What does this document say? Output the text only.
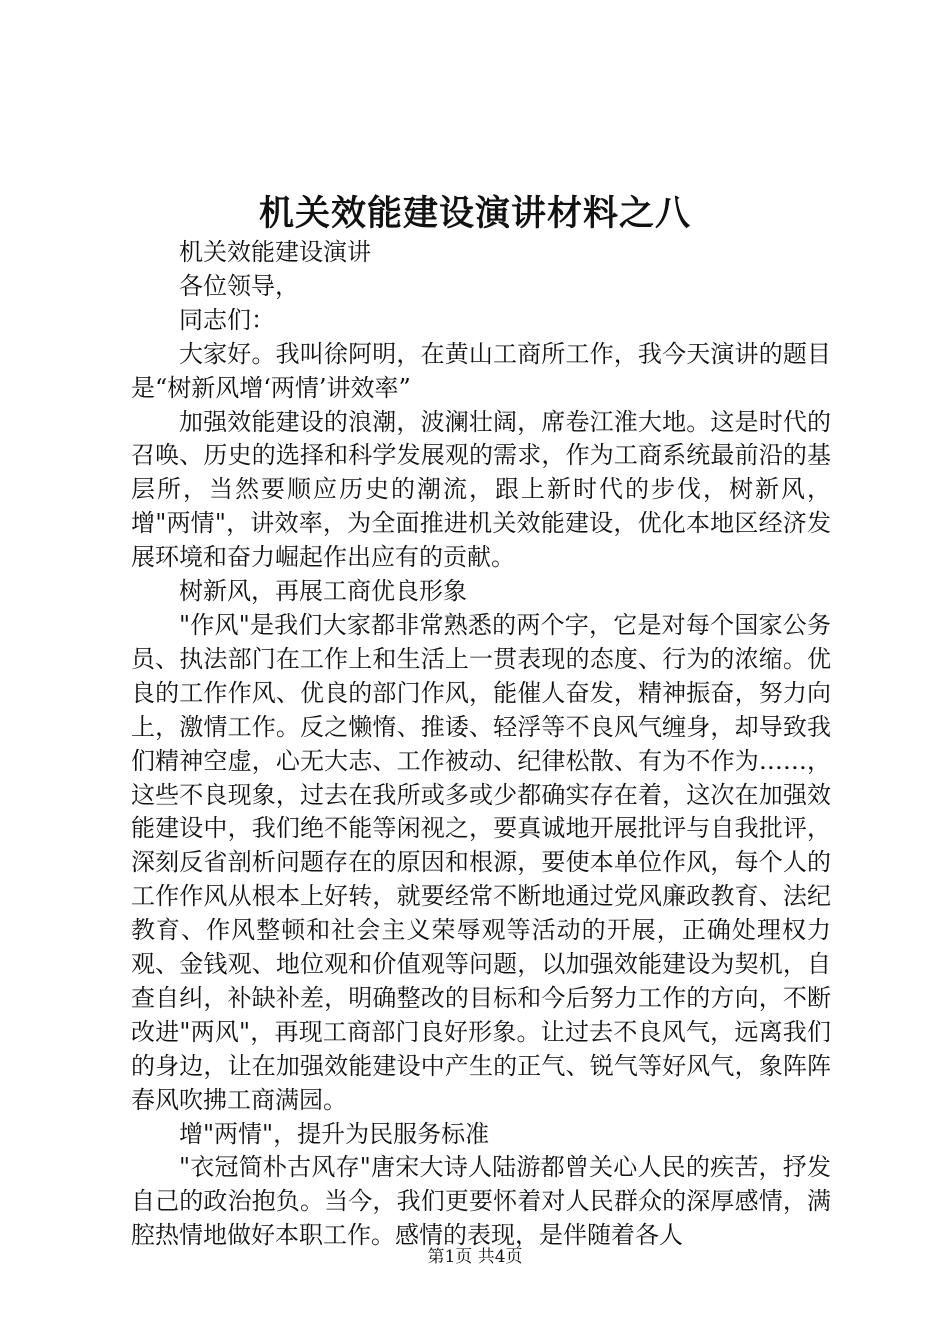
机关效能建设演讲材料之八

机关效能建设演讲

各位领导，

同志们：

大家好。我叫徐阿明，在黄山工商所工作，我今天演讲的题目是“树新风增‘两情’讲效率”

加强效能建设的浪潮，波澜壮阔，席卷江淮大地。这是时代的召唤、历史的选择和科学发展观的需求，作为工商系统最前沿的基层所，当然要顺应历史的潮流，跟上新时代的步伐，树新风，增"两情"，讲效率，为全面推进机关效能建设，优化本地区经济发展环境和奋力崛起作出应有的贡献。

树新风，再展工商优良形象

"作风"是我们大家都非常熟悉的两个字，它是对每个国家公务员、执法部门在工作上和生活上一贯表现的态度、行为的浓缩。优良的工作作风、优良的部门作风，能催人奋发，精神振奋，努力向上，激情工作。反之懒惰、推诿、轻浮等不良风气缠身，却导致我们精神空虚，心无大志、工作被动、纪律松散、有为不作为……，这些不良现象，过去在我所或多或少都确实存在着，这次在加强效能建设中，我们绝不能等闲视之，要真诚地开展批评与自我批评，深刻反省剖析问题存在的原因和根源，要使本单位作风，每个人的工作作风从根本上好转，就要经常不断地通过党风廉政教育、法纪教育、作风整顿和社会主义荣辱观等活动的开展，正确处理权力观、金钱观、地位观和价值观等问题，以加强效能建设为契机，自查自纠，补缺补差，明确整改的目标和今后努力工作的方向，不断改进"两风"，再现工商部门良好形象。让过去不良风气，远离我们的身边，让在加强效能建设中产生的正气、锐气等好风气，象阵阵春风吹拂工商满园。

增"两情"，提升为民服务标准

"衣冠简朴古风存"唐宋大诗人陆游都曾关心人民的疾苦，抒发自己的政治抱负。当今，我们更要怀着对人民群众的深厚感情，满腔热情地做好本职工作。感情的表现，是伴随着各人

第1页 共4页
